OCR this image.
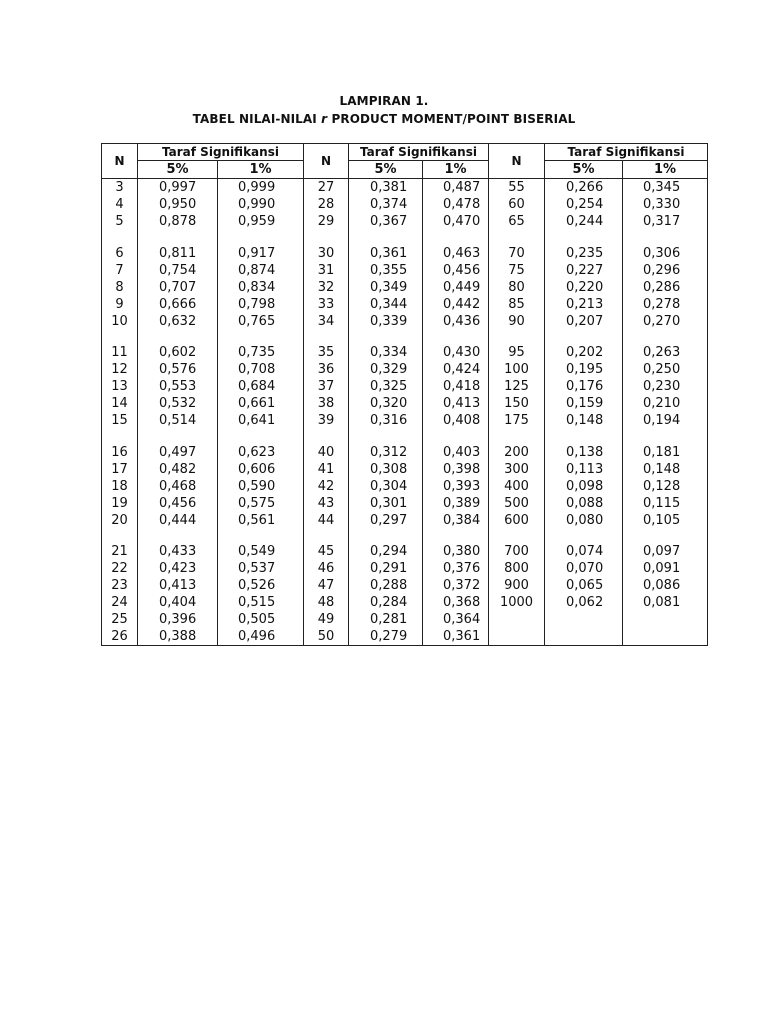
LAMPIRAN 1.
TABEL NILAI-NILAI r PRODUCT MOMENT/POINT BISERIAL
N	Taraf Signifikansi		N	Taraf Signifikansi		N	Taraf Signifikansi	
	5%	1%		5%	1%		5%	1%
3	0,997	0,999	27	0,381	0,487	55	0,266	0,345
4	0,950	0,990	28	0,374	0,478	60	0,254	0,330
5	0,878	0,959	29	0,367	0,470	65	0,244	0,317

6	0,811	0,917	30	0,361	0,463	70	0,235	0,306
7	0,754	0,874	31	0,355	0,456	75	0,227	0,296
8	0,707	0,834	32	0,349	0,449	80	0,220	0,286
9	0,666	0,798	33	0,344	0,442	85	0,213	0,278
10	0,632	0,765	34	0,339	0,436	90	0,207	0,270

11	0,602	0,735	35	0,334	0,430	95	0,202	0,263
12	0,576	0,708	36	0,329	0,424	100	0,195	0,250
13	0,553	0,684	37	0,325	0,418	125	0,176	0,230
14	0,532	0,661	38	0,320	0,413	150	0,159	0,210
15	0,514	0,641	39	0,316	0,408	175	0,148	0,194

16	0,497	0,623	40	0,312	0,403	200	0,138	0,181
17	0,482	0,606	41	0,308	0,398	300	0,113	0,148
18	0,468	0,590	42	0,304	0,393	400	0,098	0,128
19	0,456	0,575	43	0,301	0,389	500	0,088	0,115
20	0,444	0,561	44	0,297	0,384	600	0,080	0,105

21	0,433	0,549	45	0,294	0,380	700	0,074	0,097
22	0,423	0,537	46	0,291	0,376	800	0,070	0,091
23	0,413	0,526	47	0,288	0,372	900	0,065	0,086
24	0,404	0,515	48	0,284	0,368	1000	0,062	0,081
25	0,396	0,505	49	0,281	0,364			
26	0,388	0,496	50	0,279	0,361			
